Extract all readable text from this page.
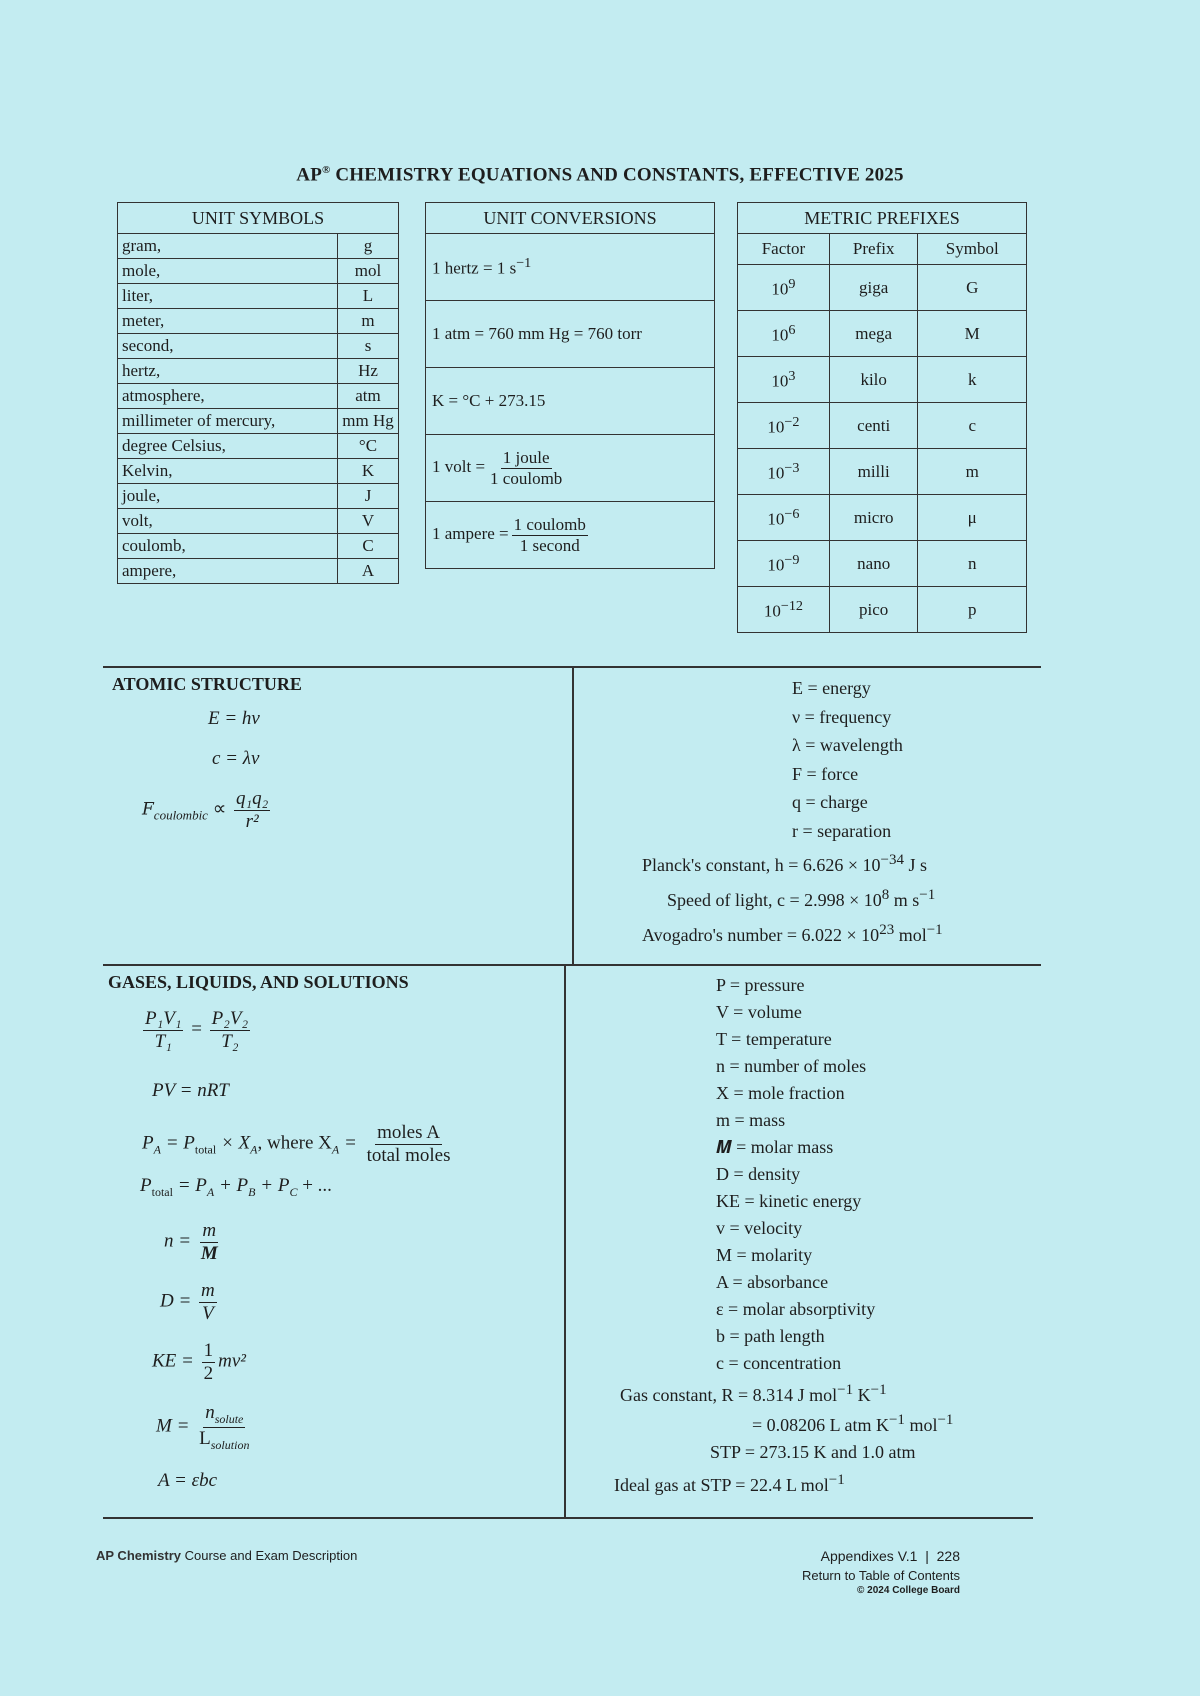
AP® CHEMISTRY EQUATIONS AND CONSTANTS, EFFECTIVE 2025
UNIT SYMBOLS	
gram,	g
mole,	mol
liter,	L
meter,	m
second,	s
hertz,	Hz
atmosphere,	atm
millimeter of mercury,	mm Hg
degree Celsius,	°C
Kelvin,	K
joule,	J
volt,	V
coulomb,	C
ampere,	A
UNIT CONVERSIONS
1 hertz = 1 $s^{-1}$
1 atm = 760 mm Hg = 760 torr
K = °C + 273.15
1 volt = $\frac{\text{1 joule}}{\text{1 coulomb}}$

1 ampere = $\frac{\text{1 coulomb}}{\text{1 second}}$
METRIC PREFIXES		
Factor	Prefix	Symbol
$10^9$	giga	G
$10^6$	mega	M
$10^3$	kilo	k
$10^{-2}$	centi	c
$10^{-3}$	milli	m
$10^{-6}$	micro	μ
$10^{-9}$	nano	n
$10^{-12}$	pico	p
ATOMIC STRUCTURE
E = hν
c = λν
$F_{coulombic} \propto \frac{\text{q₁q₂}}{\text{r²}}$
E = energy
ν = frequency
λ = wavelength
F = force
q = charge
r = separation
Planck's constant, $h = 6.626 \times 10^{-34}$ J s
Speed of light, $c = 2.998 \times 10^8$ m $s^{-1}$
Avogadro's number = $6.022 \times 10^{23}$ mol$^{-1}$
GASES, LIQUIDS, AND SOLUTIONS
$\frac{\text{P₁V₁}}{\text{T₁}} = \frac{\text{P₂V₂}}{\text{T₂}}$
PV = nRT
$P_A = P_{total} \times X_A$, where $X_A = \frac{\text{moles A}}{\text{total moles}}$
$P_{total} = P_A + P_B + P_C$ + ...
$n = \frac{m}{M}$
$D = \frac{m}{V}$
KE = $\frac{1}{2} mv^2$
$M = \frac{n_{solute}}{L_{solution}}$
A = εbc
P = pressure
V = volume
T = temperature
n = number of moles
X = mole fraction
m = mass
𝑴 = molar mass
D = density
KE = kinetic energy
v = velocity
M = molarity
A = absorbance
ε = molar absorptivity
b = path length
c = concentration
Gas constant, R = 8.314 J mol$^{-1}$ $K^{-1}$
= 0.08206 L atm $K^{-1}$ mol$^{-1}$
STP = 273.15 K and 1.0 atm
Ideal gas at STP = 22.4 L mol$^{-1}$
AP Chemistry Course and Exam Description	Appendixes V.1 | 228
Return to Table of Contents
© 2024 College Board
